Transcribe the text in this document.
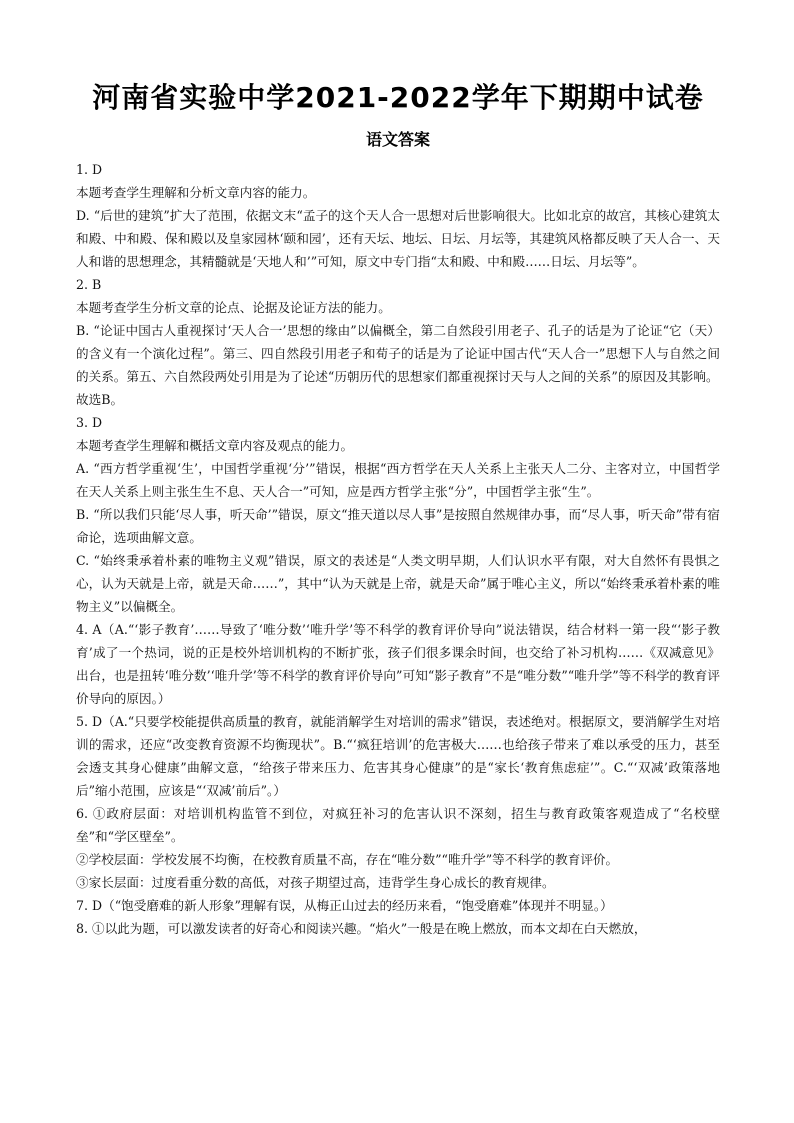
河南省实验中学2021-2022学年下期期中试卷
语文答案

1. D

本题考查学生理解和分析文章内容的能力。

D. “后世的建筑”扩大了范围，依据文末“孟子的这个天人合一思想对后世影响很大。比如北京的故宫，其核心建筑太和殿、中和殿、保和殿以及皇家园林‘颐和园’，还有天坛、地坛、日坛、月坛等，其建筑风格都反映了天人合一、天人和谐的思想理念，其精髓就是‘天地人和’”可知，原文中专门指“太和殿、中和殿……日坛、月坛等”。

2. B

本题考查学生分析文章的论点、论据及论证方法的能力。

B. “论证中国古人重视探讨‘天人合一’思想的缘由”以偏概全，第二自然段引用老子、孔子的话是为了论证“它（天）的含义有一个演化过程”。第三、四自然段引用老子和荀子的话是为了论证中国古代“天人合一”思想下人与自然之间的关系。第五、六自然段两处引用是为了论述“历朝历代的思想家们都重视探讨天与人之间的关系”的原因及其影响。

故选B。

3. D

本题考查学生理解和概括文章内容及观点的能力。

A. “西方哲学重视‘生’，中国哲学重视‘分’”错误，根据“西方哲学在天人关系上主张天人二分、主客对立，中国哲学在天人关系上则主张生生不息、天人合一”可知，应是西方哲学主张“分”，中国哲学主张“生”。

B. “所以我们只能‘尽人事，听天命’”错误，原文“推天道以尽人事”是按照自然规律办事，而“尽人事，听天命”带有宿命论，选项曲解文意。

C. “始终秉承着朴素的唯物主义观”错误，原文的表述是“人类文明早期，人们认识水平有限，对大自然怀有畏惧之心，认为天就是上帝，就是天命……”，其中“认为天就是上帝，就是天命”属于唯心主义，所以“始终秉承着朴素的唯物主义”以偏概全。

4. A（A.“‘影子教育’……导致了‘唯分数’‘唯升学’等不科学的教育评价导向”说法错误，结合材料一第一段“‘影子教育’成了一个热词，说的正是校外培训机构的不断扩张，孩子们很多课余时间，也交给了补习机构……《双减意见》出台，也是扭转‘唯分数’‘唯升学’等不科学的教育评价导向”可知“影子教育”不是“唯分数”“唯升学”等不科学的教育评价导向的原因。）

5. D（A.“只要学校能提供高质量的教育，就能消解学生对培训的需求”错误，表述绝对。根据原文，要消解学生对培训的需求，还应“改变教育资源不均衡现状”。B.“‘疯狂培训’的危害极大……也给孩子带来了难以承受的压力，甚至会透支其身心健康”曲解文意，“给孩子带来压力、危害其身心健康”的是“家长‘教育焦虑症’”。C.“‘双减’政策落地后”缩小范围，应该是“‘双减’前后”。）

6. ①政府层面：对培训机构监管不到位，对疯狂补习的危害认识不深刻，招生与教育政策客观造成了“名校壁垒”和“学区壁垒”。

②学校层面：学校发展不均衡，在校教育质量不高，存在“唯分数”“唯升学”等不科学的教育评价。

③家长层面：过度看重分数的高低，对孩子期望过高，违背学生身心成长的教育规律。

7. D（“饱受磨难的新人形象”理解有误，从梅正山过去的经历来看，“饱受磨难”体现并不明显。）

8. ①以此为题，可以激发读者的好奇心和阅读兴趣。“焰火”一般是在晚上燃放，而本文却在白天燃放，
